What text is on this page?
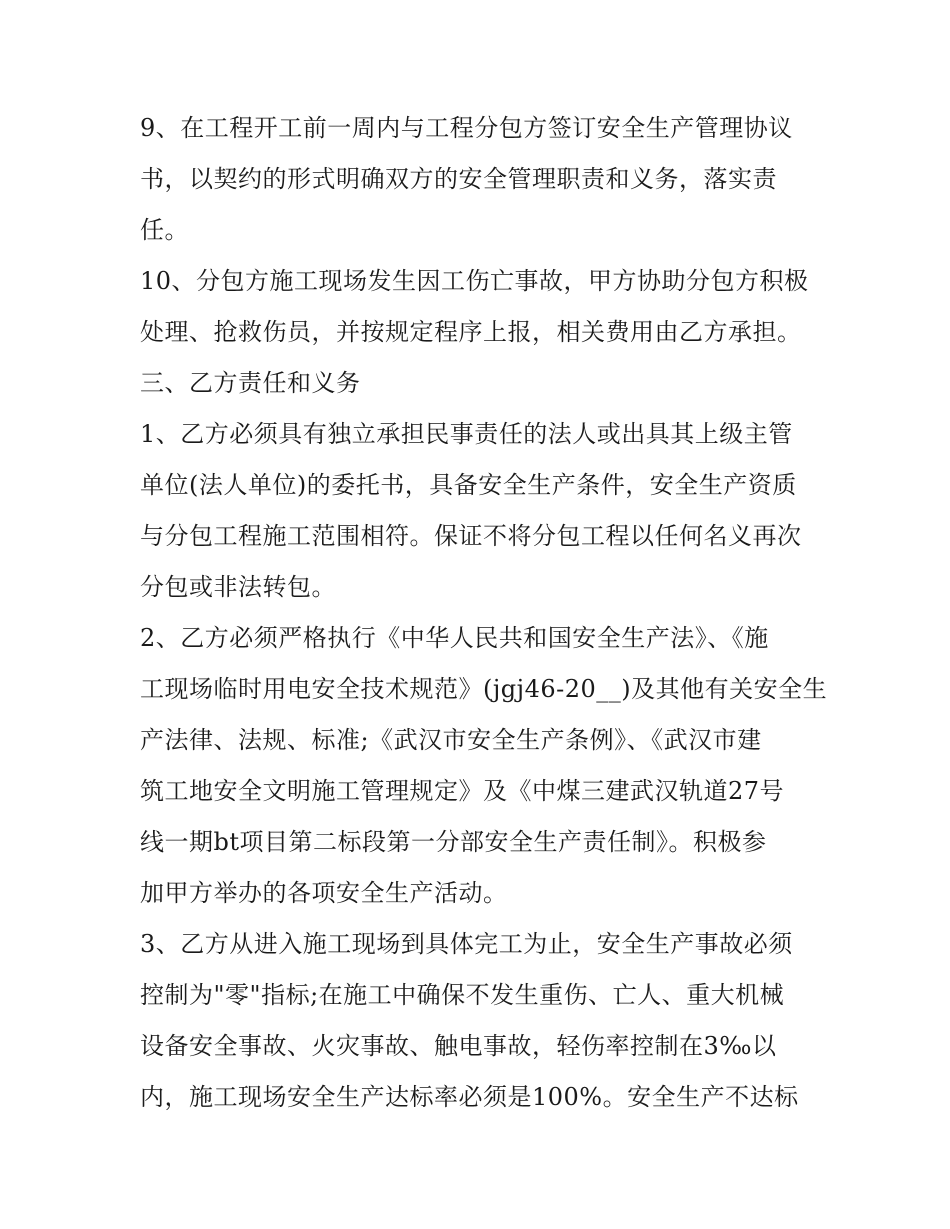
9、在工程开工前一周内与工程分包方签订安全生产管理协议
书，以契约的形式明确双方的安全管理职责和义务，落实责
任。
10、分包方施工现场发生因工伤亡事故，甲方协助分包方积极
处理、抢救伤员，并按规定程序上报，相关费用由乙方承担。
三、乙方责任和义务
1、乙方必须具有独立承担民事责任的法人或出具其上级主管
单位(法人单位)的委托书，具备安全生产条件，安全生产资质
与分包工程施工范围相符。保证不将分包工程以任何名义再次
分包或非法转包。
2、乙方必须严格执行《中华人民共和国安全生产法》、《施
工现场临时用电安全技术规范》(jgj46-20__)及其他有关安全生
产法律、法规、标准;《武汉市安全生产条例》、《武汉市建
筑工地安全文明施工管理规定》及《中煤三建武汉轨道27号
线一期bt项目第二标段第一分部安全生产责任制》。积极参
加甲方举办的各项安全生产活动。
3、乙方从进入施工现场到具体完工为止，安全生产事故必须
控制为"零"指标;在施工中确保不发生重伤、亡人、重大机械
设备安全事故、火灾事故、触电事故，轻伤率控制在3‰以
内，施工现场安全生产达标率必须是100%。安全生产不达标
